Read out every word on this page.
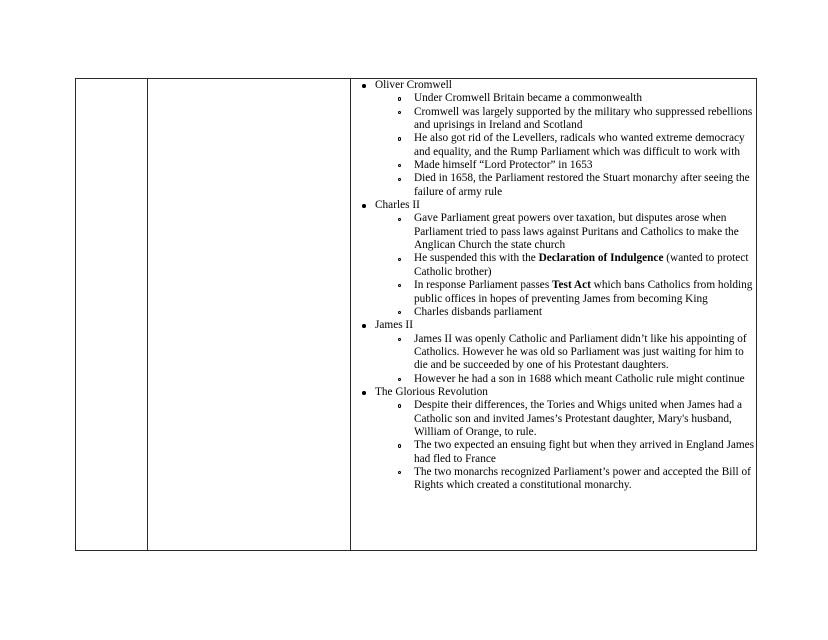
Oliver Cromwell
Under Cromwell Britain became a commonwealth
Cromwell was largely supported by the military who suppressed rebellions and uprisings in Ireland and Scotland
He also got rid of the Levellers, radicals who wanted extreme democracy and equality, and the Rump Parliament which was difficult to work with
Made himself “Lord Protector” in 1653
Died in 1658, the Parliament restored the Stuart monarchy after seeing the failure of army rule
Charles II
Gave Parliament great powers over taxation, but disputes arose when Parliament tried to pass laws against Puritans and Catholics to make the Anglican Church the state church
He suspended this with the Declaration of Indulgence (wanted to protect Catholic brother)
In response Parliament passes Test Act which bans Catholics from holding public offices in hopes of preventing James from becoming King
Charles disbands parliament
James II
James II was openly Catholic and Parliament didn’t like his appointing of Catholics. However he was old so Parliament was just waiting for him to die and be succeeded by one of his Protestant daughters.
However he had a son in 1688 which meant Catholic rule might continue
The Glorious Revolution
Despite their differences, the Tories and Whigs united when James had a Catholic son and invited James’s Protestant daughter, Mary's husband, William of Orange, to rule.
The two expected an ensuing fight but when they arrived in England James had fled to France
The two monarchs recognized Parliament’s power and accepted the Bill of Rights which created a constitutional monarchy.
